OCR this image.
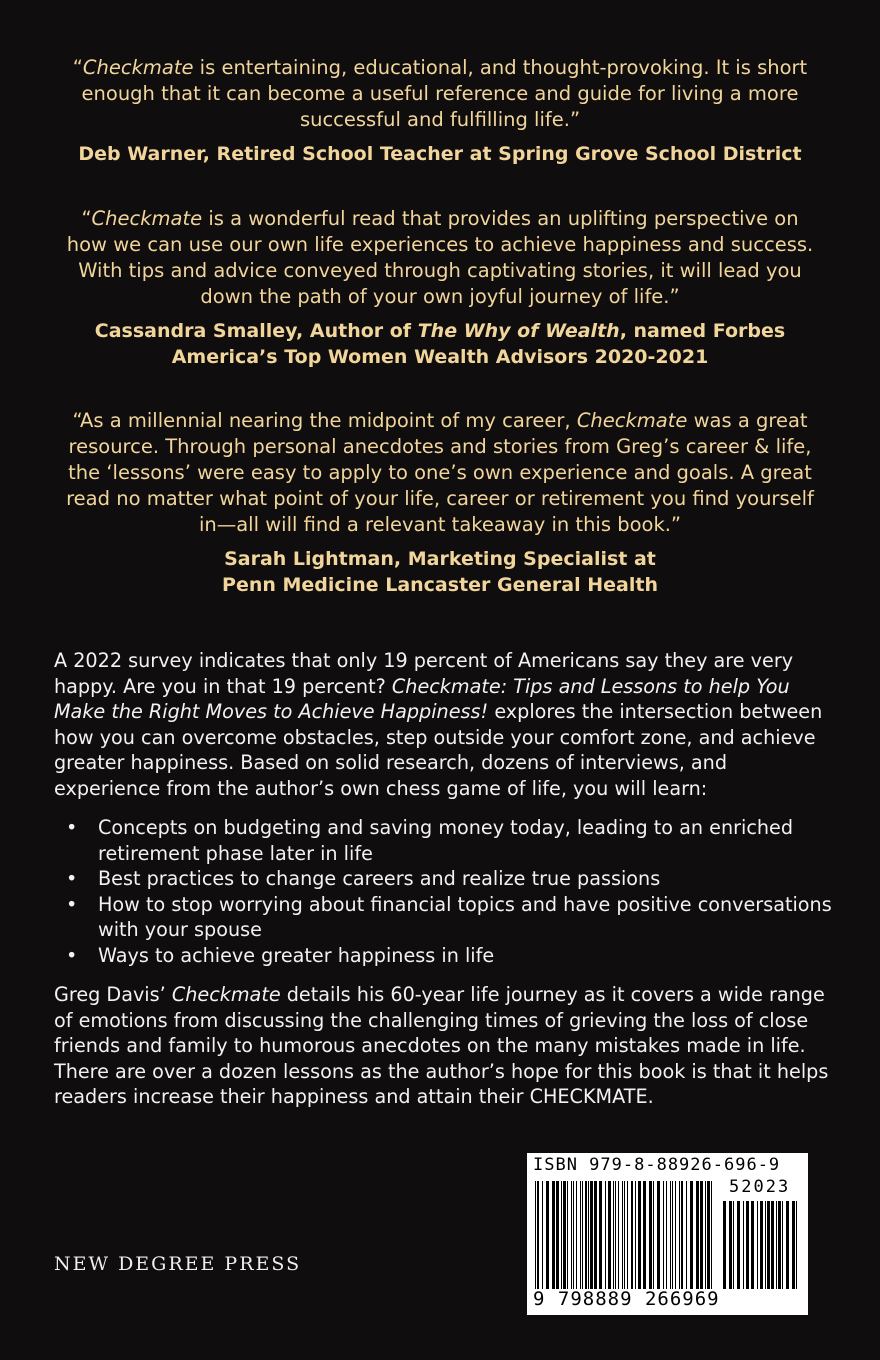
“Checkmate is entertaining, educational, and thought-provoking. It is short enough that it can become a useful reference and guide for living a more successful and fulfilling life.”

Deb Warner, Retired School Teacher at Spring Grove School District

“Checkmate is a wonderful read that provides an uplifting perspective on how we can use our own life experiences to achieve happiness and success. With tips and advice conveyed through captivating stories, it will lead you down the path of your own joyful journey of life.”

Cassandra Smalley, Author of The Why of Wealth, named Forbes America’s Top Women Wealth Advisors 2020-2021

“As a millennial nearing the midpoint of my career, Checkmate was a great resource. Through personal anecdotes and stories from Greg’s career & life, the ‘lessons’ were easy to apply to one’s own experience and goals. A great read no matter what point of your life, career or retirement you find yourself in—all will find a relevant takeaway in this book.”

Sarah Lightman, Marketing Specialist at
Penn Medicine Lancaster General Health

A 2022 survey indicates that only 19 percent of Americans say they are very happy. Are you in that 19 percent? Checkmate: Tips and Lessons to help You Make the Right Moves to Achieve Happiness! explores the intersection between how you can overcome obstacles, step outside your comfort zone, and achieve greater happiness. Based on solid research, dozens of interviews, and experience from the author’s own chess game of life, you will learn:

• Concepts on budgeting and saving money today, leading to an enriched retirement phase later in life
• Best practices to change careers and realize true passions
• How to stop worrying about financial topics and have positive conversations with your spouse
• Ways to achieve greater happiness in life

Greg Davis’ Checkmate details his 60-year life journey as it covers a wide range of emotions from discussing the challenging times of grieving the loss of close friends and family to humorous anecdotes on the many mistakes made in life. There are over a dozen lessons as the author’s hope for this book is that it helps readers increase their happiness and attain their CHECKMATE.

NEW DEGREE PRESS
ISBN 979-8-88926-696-9
52023
9 798889 266969
